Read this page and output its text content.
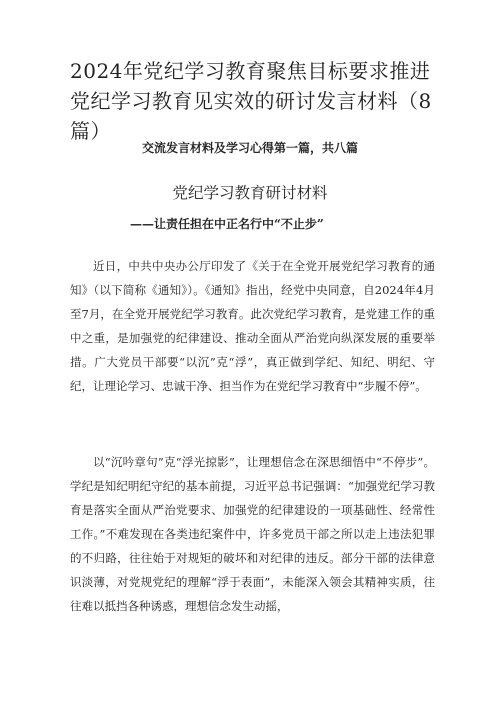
2024年党纪学习教育聚焦目标要求推进党纪学习教育见实效的研讨发言材料（8篇）

交流发言材料及学习心得第一篇，共八篇

党纪学习教育研讨材料

——让责任担在中正名行中“不止步”

近日，中共中央办公厅印发了《关于在全党开展党纪学习教育的通知》（以下简称《通知》）。《通知》指出，经党中央同意，自2024年4月至7月，在全党开展党纪学习教育。此次党纪学习教育，是党建工作的重中之重，是加强党的纪律建设、推动全面从严治党向纵深发展的重要举措。广大党员干部要“以沉”克“浮”，真正做到学纪、知纪、明纪、守纪，让理论学习、忠诚干净、担当作为在党纪学习教育中“步履不停”。

以“沉吟章句”克“浮光掠影”，让理想信念在深思细悟中“不停步”。学纪是知纪明纪守纪的基本前提，习近平总书记强调：“加强党纪学习教育是落实全面从严治党要求、加强党的纪律建设的一项基础性、经常性工作。”不难发现在各类违纪案件中，许多党员干部之所以走上违法犯罪的不归路，往往始于对规矩的破坏和对纪律的违反。部分干部的法律意识淡薄，对党规党纪的理解“浮于表面”，未能深入领会其精神实质，往往难以抵挡各种诱惑，理想信念发生动摇，
